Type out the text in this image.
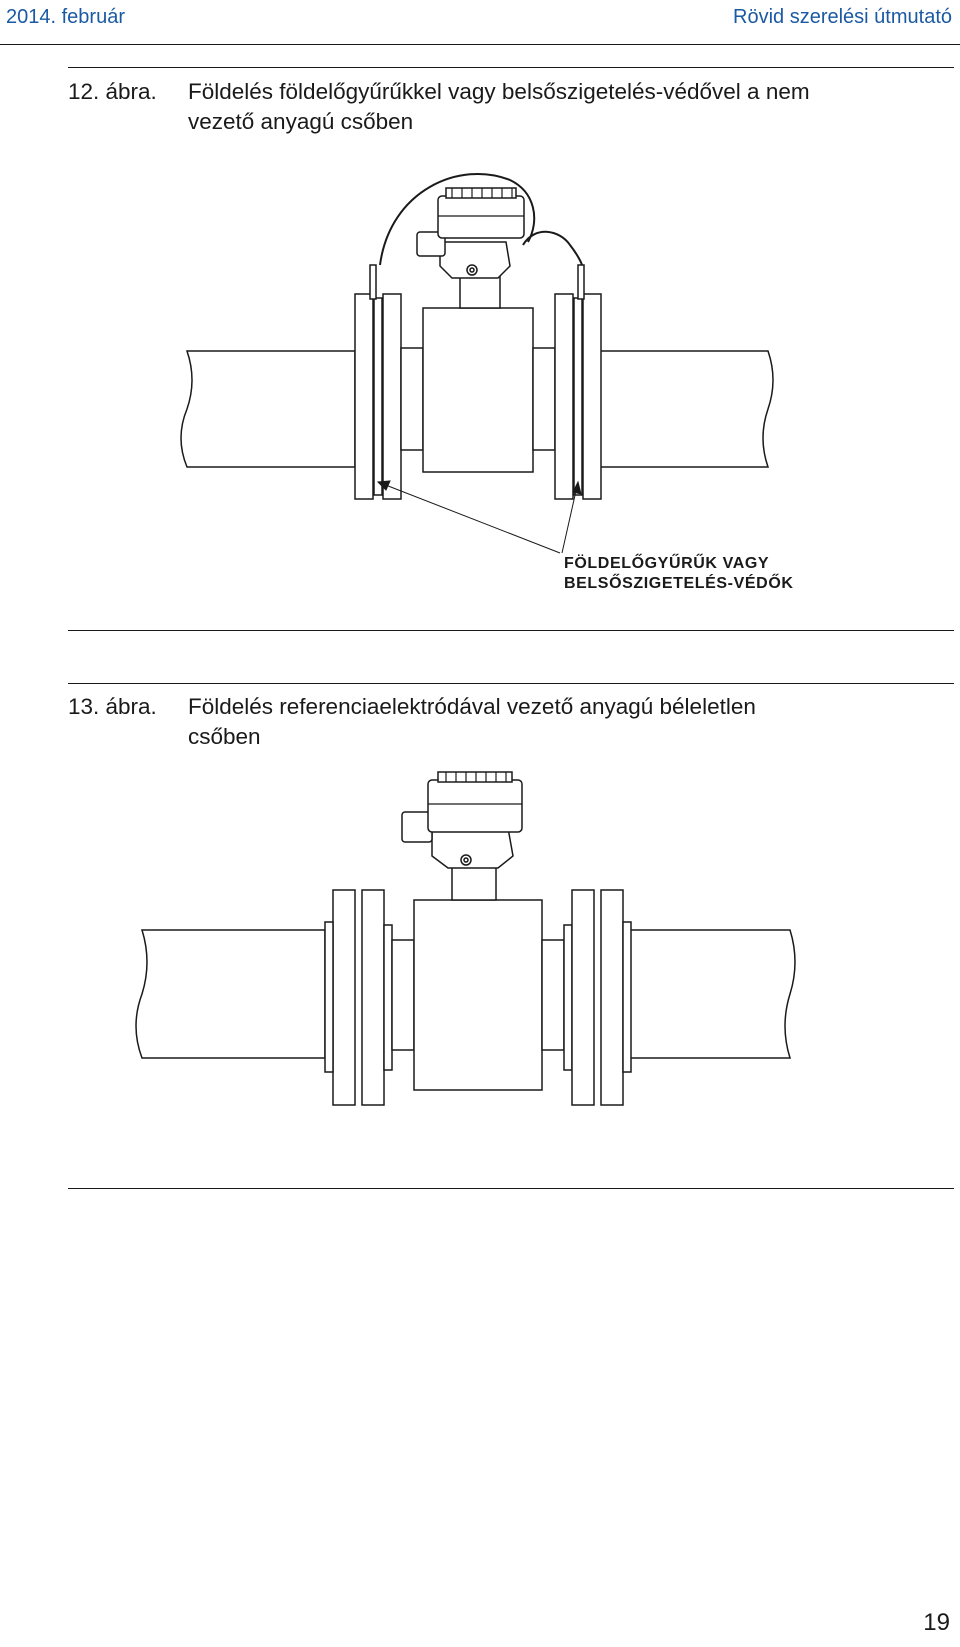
2014. február	Rövid szerelési útmutató
12. ábra. Földelés földelőgyűrűkkel vagy belsőszigetelés-védővel a nem
vezető anyagú csőben
FÖLDELŐGYŰRŰK VAGY
BELSŐSZIGETELÉS-VÉDŐK
13. ábra. Földelés referenciaelektródával vezető anyagú béleletlen
csőben
19
